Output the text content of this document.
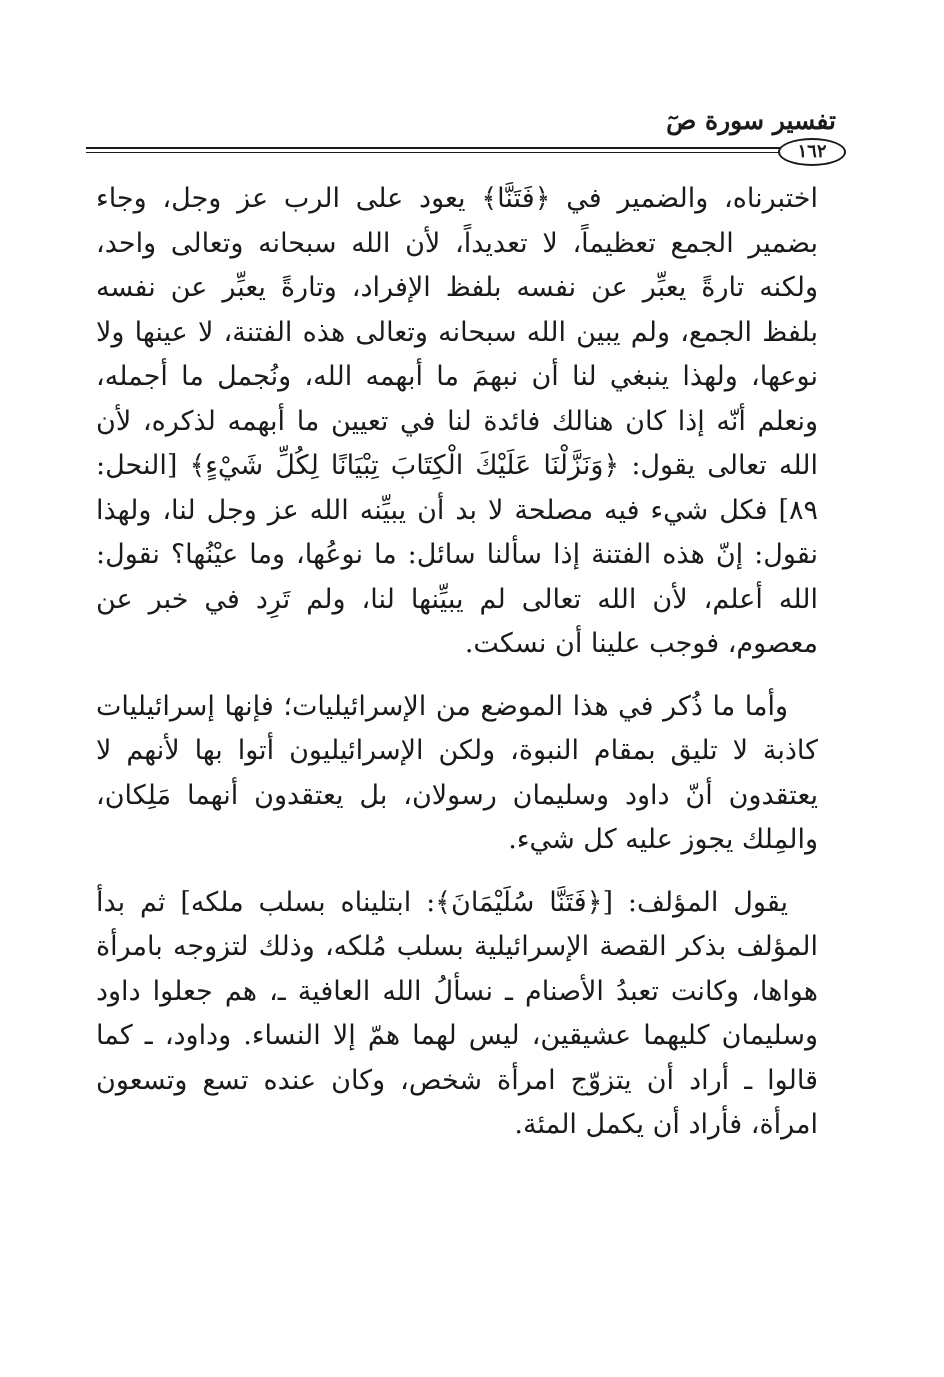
تفسير سورة صٓ
١٦٢

اختبرناه، والضمير في ﴿فَتَنَّا﴾ يعود على الرب عز وجل، وجاء بضمير الجمع تعظيماً، لا تعديداً، لأن الله سبحانه وتعالى واحد، ولكنه تارةً يعبِّر عن نفسه بلفظ الإفراد، وتارةً يعبِّر عن نفسه بلفظ الجمع، ولم يبين الله سبحانه وتعالى هذه الفتنة، لا عينها ولا نوعها، ولهذا ينبغي لنا أن نبهمَ ما أبهمه الله، ونُجمل ما أجمله، ونعلم أنّه إذا كان هنالك فائدة لنا في تعيين ما أبهمه لذكره، لأن الله تعالى يقول: ﴿وَنَزَّلْنَا عَلَيْكَ الْكِتَابَ تِبْيَانًا لِكُلِّ شَيْءٍ﴾ [النحل: ٨٩] فكل شيء فيه مصلحة لا بد أن يبيِّنه الله عز وجل لنا، ولهذا نقول: إنّ هذه الفتنة إذا سألنا سائل: ما نوعُها، وما عيْنُها؟ نقول: الله أعلم، لأن الله تعالى لم يبيِّنها لنا، ولم تَرِد في خبر عن معصوم، فوجب علينا أن نسكت.

وأما ما ذُكر في هذا الموضع من الإسرائيليات؛ فإنها إسرائيليات كاذبة لا تليق بمقام النبوة، ولكن الإسرائيليون أتوا بها لأنهم لا يعتقدون أنّ داود وسليمان رسولان، بل يعتقدون أنهما مَلِكان، والمِلك يجوز عليه كل شيء.

يقول المؤلف: [﴿فَتَنَّا سُلَيْمَانَ﴾: ابتليناه بسلب ملكه] ثم بدأ المؤلف بذكر القصة الإسرائيلية بسلب مُلكه، وذلك لتزوجه بامرأة هواها، وكانت تعبدُ الأصنام ـ نسألُ الله العافية ـ، هم جعلوا داود وسليمان كليهما عشيقين، ليس لهما همّ إلا النساء. وداود، ـ كما قالوا ـ أراد أن يتزوّج امرأة شخص، وكان عنده تسع وتسعون امرأة، فأراد أن يكمل المئة.
